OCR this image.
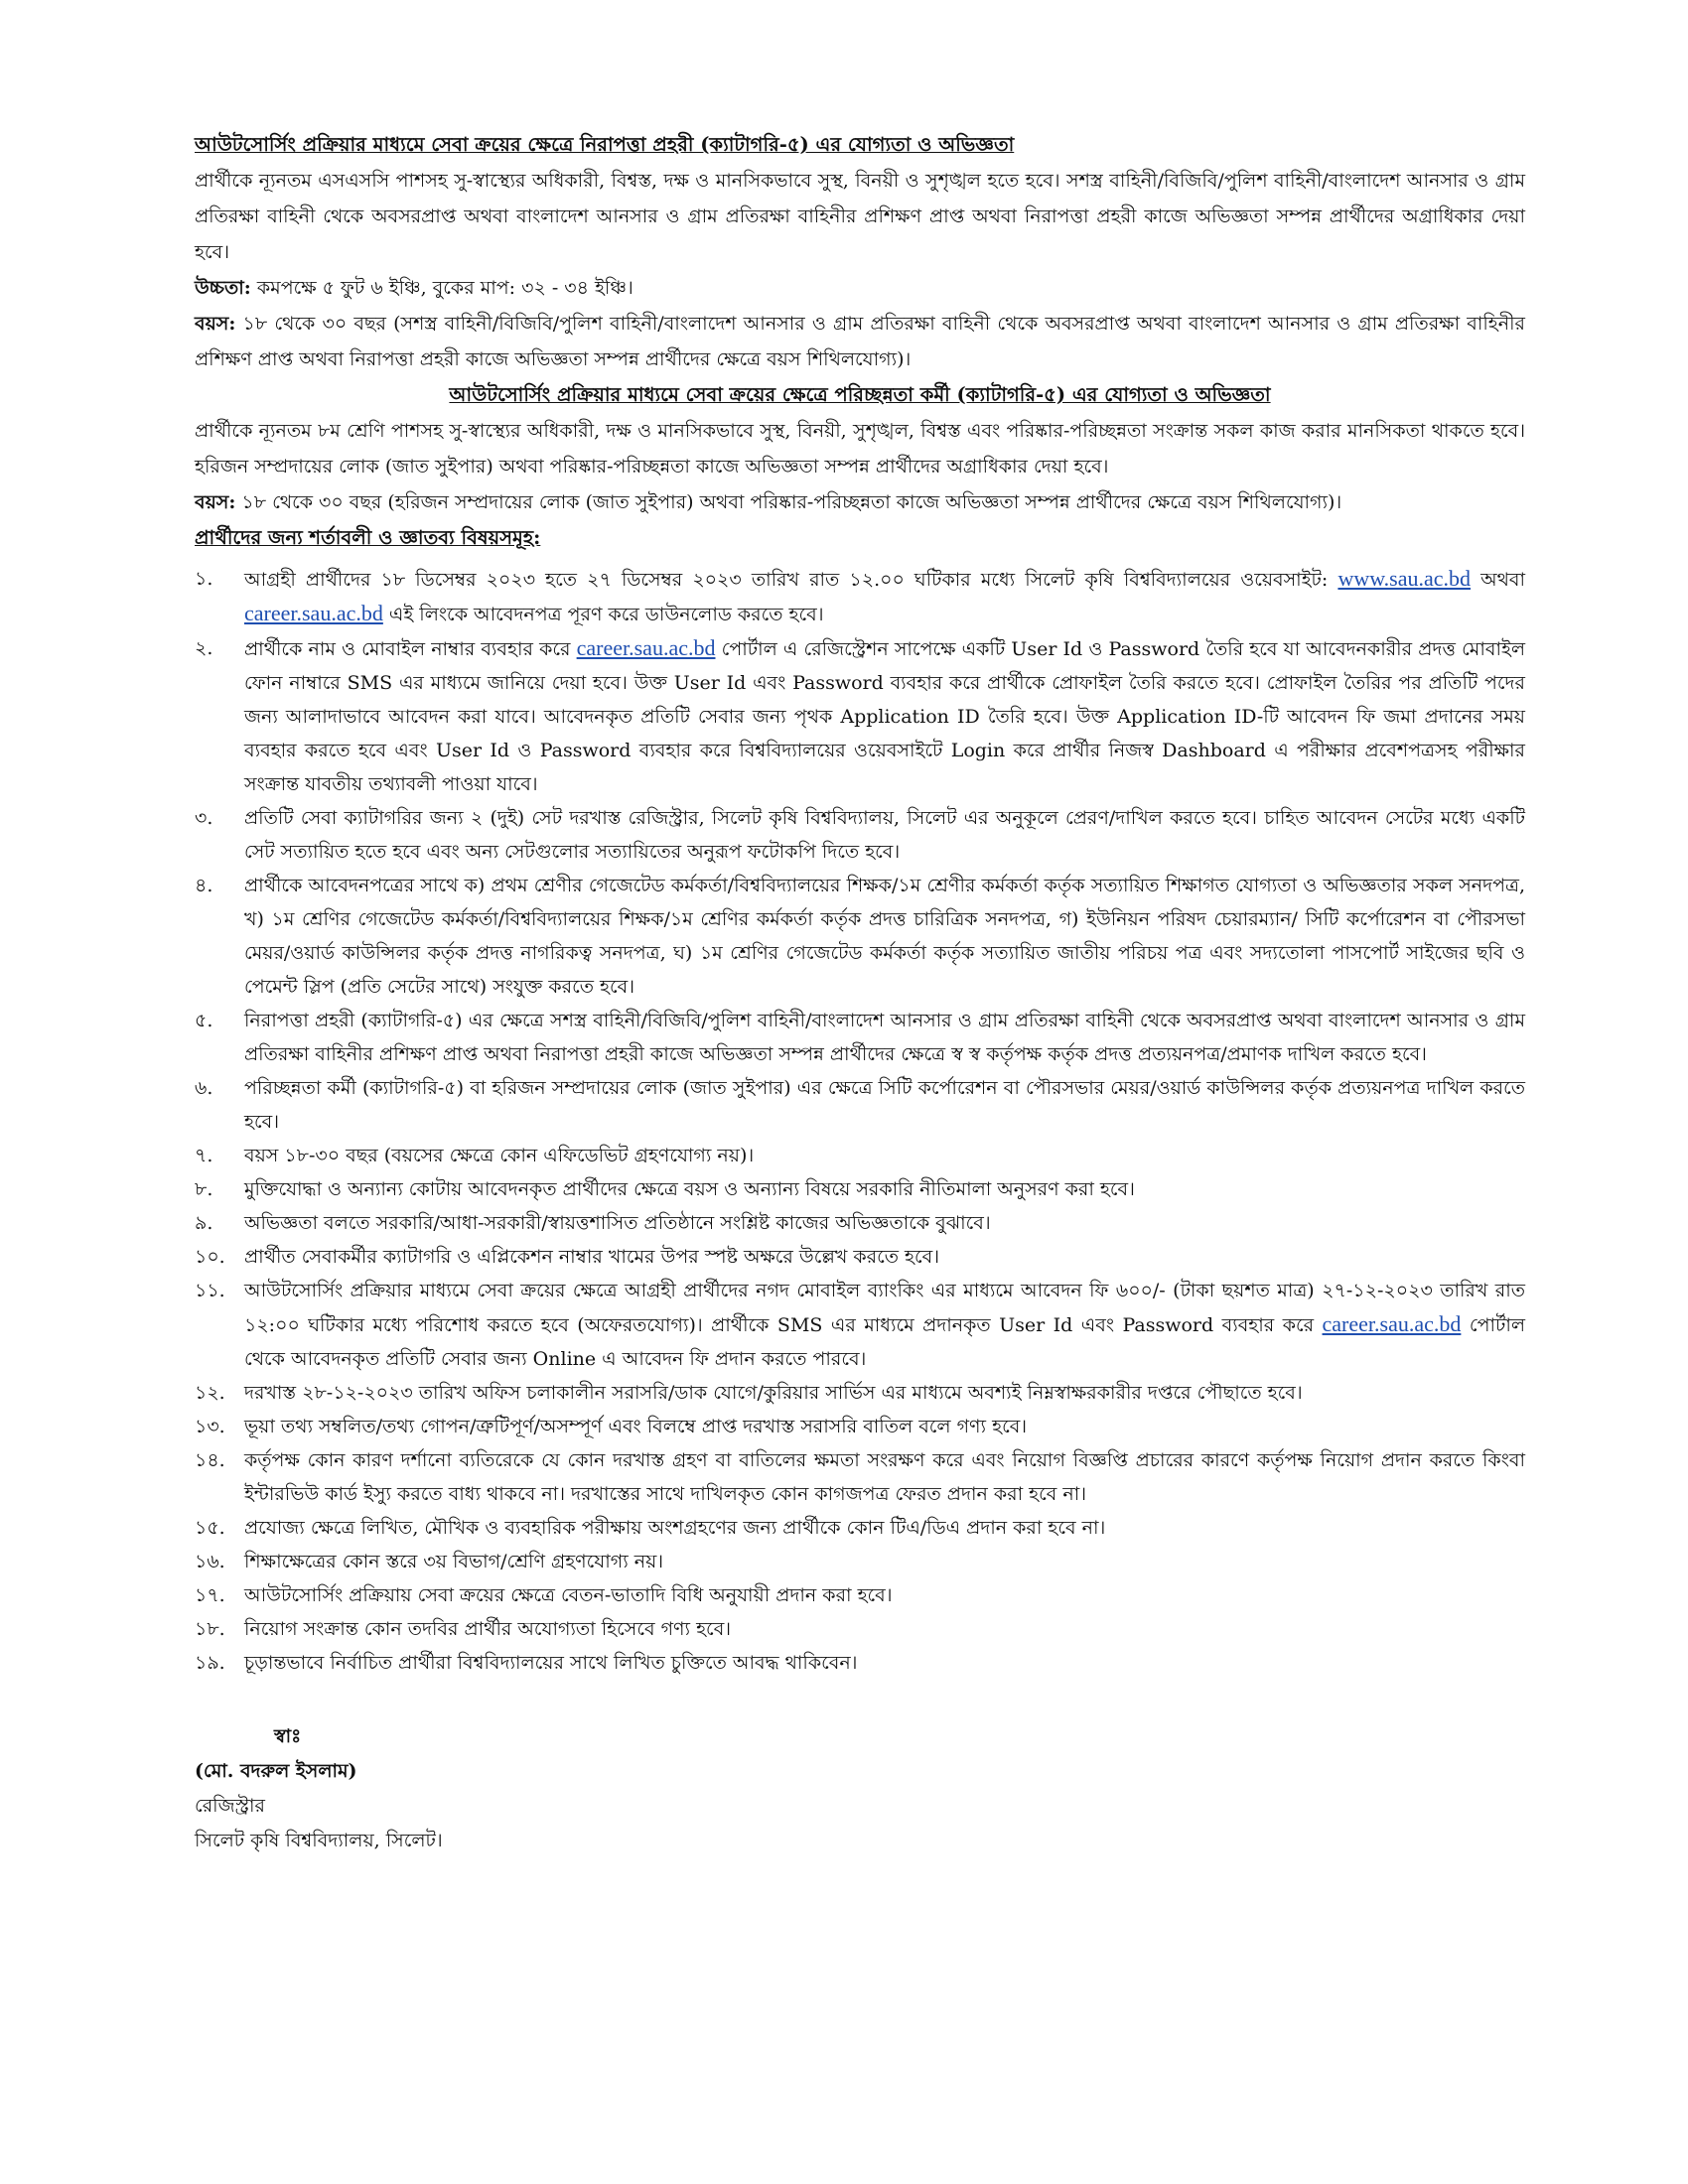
আউটসোর্সিং প্রক্রিয়ার মাধ্যমে সেবা ক্রয়ের ক্ষেত্রে নিরাপত্তা প্রহরী (ক্যাটাগরি-৫) এর যোগ্যতা ও অভিজ্ঞতা

প্রার্থীকে ন্যূনতম এসএসসি পাশসহ সু-স্বাস্থ্যের অধিকারী, বিশ্বস্ত, দক্ষ ও মানসিকভাবে সুস্থ, বিনয়ী ও সুশৃঙ্খল হতে হবে। সশস্ত্র বাহিনী/বিজিবি/পুলিশ বাহিনী/বাংলাদেশ আনসার ও গ্রাম প্রতিরক্ষা বাহিনী থেকে অবসরপ্রাপ্ত অথবা বাংলাদেশ আনসার ও গ্রাম প্রতিরক্ষা বাহিনীর প্রশিক্ষণ প্রাপ্ত অথবা নিরাপত্তা প্রহরী কাজে অভিজ্ঞতা সম্পন্ন প্রার্থীদের অগ্রাধিকার দেয়া হবে।

উচ্চতা: কমপক্ষে ৫ ফুট ৬ ইঞ্চি, বুকের মাপ: ৩২ - ৩৪ ইঞ্চি।

বয়স: ১৮ থেকে ৩০ বছর (সশস্ত্র বাহিনী/বিজিবি/পুলিশ বাহিনী/বাংলাদেশ আনসার ও গ্রাম প্রতিরক্ষা বাহিনী থেকে অবসরপ্রাপ্ত অথবা বাংলাদেশ আনসার ও গ্রাম প্রতিরক্ষা বাহিনীর প্রশিক্ষণ প্রাপ্ত অথবা নিরাপত্তা প্রহরী কাজে অভিজ্ঞতা সম্পন্ন প্রার্থীদের ক্ষেত্রে বয়স শিথিলযোগ্য)।

আউটসোর্সিং প্রক্রিয়ার মাধ্যমে সেবা ক্রয়ের ক্ষেত্রে পরিচ্ছন্নতা কর্মী (ক্যাটাগরি-৫) এর যোগ্যতা ও অভিজ্ঞতা

প্রার্থীকে ন্যূনতম ৮ম শ্রেণি পাশসহ সু-স্বাস্থ্যের অধিকারী, দক্ষ ও মানসিকভাবে সুস্থ, বিনয়ী, সুশৃঙ্খল, বিশ্বস্ত এবং পরিষ্কার-পরিচ্ছন্নতা সংক্রান্ত সকল কাজ করার মানসিকতা থাকতে হবে। হরিজন সম্প্রদায়ের লোক (জাত সুইপার) অথবা পরিষ্কার-পরিচ্ছন্নতা কাজে অভিজ্ঞতা সম্পন্ন প্রার্থীদের অগ্রাধিকার দেয়া হবে।

বয়স: ১৮ থেকে ৩০ বছর (হরিজন সম্প্রদায়ের লোক (জাত সুইপার) অথবা পরিষ্কার-পরিচ্ছন্নতা কাজে অভিজ্ঞতা সম্পন্ন প্রার্থীদের ক্ষেত্রে বয়স শিথিলযোগ্য)।

প্রার্থীদের জন্য শর্তাবলী ও জ্ঞাতব্য বিষয়সমূহ:

১. আগ্রহী প্রার্থীদের ১৮ ডিসেম্বর ২০২৩ হতে ২৭ ডিসেম্বর ২০২৩ তারিখ রাত ১২.০০ ঘটিকার মধ্যে সিলেট কৃষি বিশ্ববিদ্যালয়ের ওয়েবসাইট: www.sau.ac.bd অথবা career.sau.ac.bd এই লিংকে আবেদনপত্র পূরণ করে ডাউনলোড করতে হবে।
২. প্রার্থীকে নাম ও মোবাইল নাম্বার ব্যবহার করে career.sau.ac.bd পোর্টাল এ রেজিস্ট্রেশন সাপেক্ষে একটি User Id ও Password তৈরি হবে যা আবেদনকারীর প্রদত্ত মোবাইল ফোন নাম্বারে SMS এর মাধ্যমে জানিয়ে দেয়া হবে। উক্ত User Id এবং Password ব্যবহার করে প্রার্থীকে প্রোফাইল তৈরি করতে হবে। প্রোফাইল তৈরির পর প্রতিটি পদের জন্য আলাদাভাবে আবেদন করা যাবে। আবেদনকৃত প্রতিটি সেবার জন্য পৃথক Application ID তৈরি হবে। উক্ত Application ID-টি আবেদন ফি জমা প্রদানের সময় ব্যবহার করতে হবে এবং User Id ও Password ব্যবহার করে বিশ্ববিদ্যালয়ের ওয়েবসাইটে Login করে প্রার্থীর নিজস্ব Dashboard এ পরীক্ষার প্রবেশপত্রসহ পরীক্ষার সংক্রান্ত যাবতীয় তথ্যাবলী পাওয়া যাবে।
৩. প্রতিটি সেবা ক্যাটাগরির জন্য ২ (দুই) সেট দরখাস্ত রেজিস্ট্রার, সিলেট কৃষি বিশ্ববিদ্যালয়, সিলেট এর অনুকূলে প্রেরণ/দাখিল করতে হবে। চাহিত আবেদন সেটের মধ্যে একটি সেট সত্যায়িত হতে হবে এবং অন্য সেটগুলোর সত্যায়িতের অনুরূপ ফটোকপি দিতে হবে।
৪. প্রার্থীকে আবেদনপত্রের সাথে ক) প্রথম শ্রেণীর গেজেটেড কর্মকর্তা/বিশ্ববিদ্যালয়ের শিক্ষক/১ম শ্রেণীর কর্মকর্তা কর্তৃক সত্যায়িত শিক্ষাগত যোগ্যতা ও অভিজ্ঞতার সকল সনদপত্র, খ) ১ম শ্রেণির গেজেটেড কর্মকর্তা/বিশ্ববিদ্যালয়ের শিক্ষক/১ম শ্রেণির কর্মকর্তা কর্তৃক প্রদত্ত চারিত্রিক সনদপত্র, গ) ইউনিয়ন পরিষদ চেয়ারম্যান/ সিটি কর্পোরেশন বা পৌরসভা মেয়র/ওয়ার্ড কাউন্সিলর কর্তৃক প্রদত্ত নাগরিকত্ব সনদপত্র, ঘ) ১ম শ্রেণির গেজেটেড কর্মকর্তা কর্তৃক সত্যায়িত জাতীয় পরিচয় পত্র এবং সদ্যতোলা পাসপোর্ট সাইজের ছবি ও পেমেন্ট স্লিপ (প্রতি সেটের সাথে) সংযুক্ত করতে হবে।
৫. নিরাপত্তা প্রহরী (ক্যাটাগরি-৫) এর ক্ষেত্রে সশস্ত্র বাহিনী/বিজিবি/পুলিশ বাহিনী/বাংলাদেশ আনসার ও গ্রাম প্রতিরক্ষা বাহিনী থেকে অবসরপ্রাপ্ত অথবা বাংলাদেশ আনসার ও গ্রাম প্রতিরক্ষা বাহিনীর প্রশিক্ষণ প্রাপ্ত অথবা নিরাপত্তা প্রহরী কাজে অভিজ্ঞতা সম্পন্ন প্রার্থীদের ক্ষেত্রে স্ব স্ব কর্তৃপক্ষ কর্তৃক প্রদত্ত প্রত্যয়নপত্র/প্রমাণক দাখিল করতে হবে।
৬. পরিচ্ছন্নতা কর্মী (ক্যাটাগরি-৫) বা হরিজন সম্প্রদায়ের লোক (জাত সুইপার) এর ক্ষেত্রে সিটি কর্পোরেশন বা পৌরসভার মেয়র/ওয়ার্ড কাউন্সিলর কর্তৃক প্রত্যয়নপত্র দাখিল করতে হবে।
৭. বয়স ১৮-৩০ বছর (বয়সের ক্ষেত্রে কোন এফিডেভিট গ্রহণযোগ্য নয়)।
৮. মুক্তিযোদ্ধা ও অন্যান্য কোটায় আবেদনকৃত প্রার্থীদের ক্ষেত্রে বয়স ও অন্যান্য বিষয়ে সরকারি নীতিমালা অনুসরণ করা হবে।
৯. অভিজ্ঞতা বলতে সরকারি/আধা-সরকারী/স্বায়ত্তশাসিত প্রতিষ্ঠানে সংশ্লিষ্ট কাজের অভিজ্ঞতাকে বুঝাবে।
১০. প্রার্থীত সেবাকর্মীর ক্যাটাগরি ও এপ্লিকেশন নাম্বার খামের উপর স্পষ্ট অক্ষরে উল্লেখ করতে হবে।
১১. আউটসোর্সিং প্রক্রিয়ার মাধ্যমে সেবা ক্রয়ের ক্ষেত্রে আগ্রহী প্রার্থীদের নগদ মোবাইল ব্যাংকিং এর মাধ্যমে আবেদন ফি ৬০০/- (টাকা ছয়শত মাত্র) ২৭-১২-২০২৩ তারিখ রাত ১২:০০ ঘটিকার মধ্যে পরিশোধ করতে হবে (অফেরতযোগ্য)। প্রার্থীকে SMS এর মাধ্যমে প্রদানকৃত User Id এবং Password ব্যবহার করে career.sau.ac.bd পোর্টাল থেকে আবেদনকৃত প্রতিটি সেবার জন্য Online এ আবেদন ফি প্রদান করতে পারবে।
১২. দরখাস্ত ২৮-১২-২০২৩ তারিখ অফিস চলাকালীন সরাসরি/ডাক যোগে/কুরিয়ার সার্ভিস এর মাধ্যমে অবশ্যই নিম্নস্বাক্ষরকারীর দপ্তরে পৌছাতে হবে।
১৩. ভূয়া তথ্য সম্বলিত/তথ্য গোপন/ত্রুটিপূর্ণ/অসম্পূর্ণ এবং বিলম্বে প্রাপ্ত দরখাস্ত সরাসরি বাতিল বলে গণ্য হবে।
১৪. কর্তৃপক্ষ কোন কারণ দর্শানো ব্যতিরেকে যে কোন দরখাস্ত গ্রহণ বা বাতিলের ক্ষমতা সংরক্ষণ করে এবং নিয়োগ বিজ্ঞপ্তি প্রচারের কারণে কর্তৃপক্ষ নিয়োগ প্রদান করতে কিংবা ইন্টারভিউ কার্ড ইস্যু করতে বাধ্য থাকবে না। দরখাস্তের সাথে দাখিলকৃত কোন কাগজপত্র ফেরত প্রদান করা হবে না।
১৫. প্রযোজ্য ক্ষেত্রে লিখিত, মৌখিক ও ব্যবহারিক পরীক্ষায় অংশগ্রহণের জন্য প্রার্থীকে কোন টিএ/ডিএ প্রদান করা হবে না।
১৬. শিক্ষাক্ষেত্রের কোন স্তরে ৩য় বিভাগ/শ্রেণি গ্রহণযোগ্য নয়।
১৭. আউটসোর্সিং প্রক্রিয়ায় সেবা ক্রয়ের ক্ষেত্রে বেতন-ভাতাদি বিধি অনুযায়ী প্রদান করা হবে।
১৮. নিয়োগ সংক্রান্ত কোন তদবির প্রার্থীর অযোগ্যতা হিসেবে গণ্য হবে।
১৯. চূড়ান্তভাবে নির্বাচিত প্রার্থীরা বিশ্ববিদ্যালয়ের সাথে লিখিত চুক্তিতে আবদ্ধ থাকিবেন।

স্বাঃ

(মো. বদরুল ইসলাম)

রেজিস্ট্রার

সিলেট কৃষি বিশ্ববিদ্যালয়, সিলেট।
